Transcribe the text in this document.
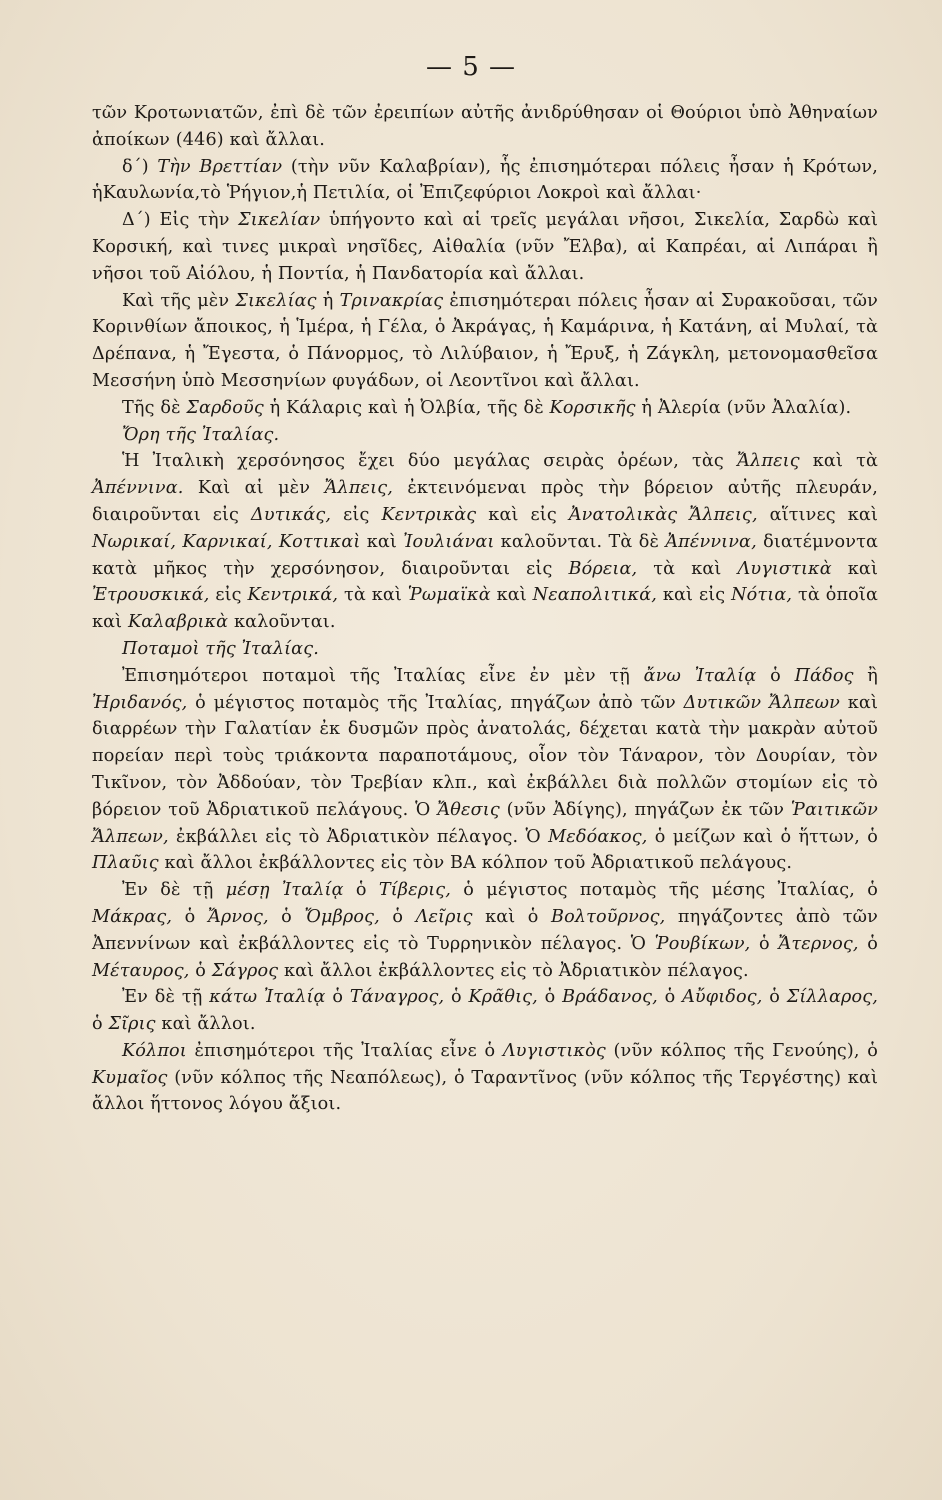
— 5 —

τῶν Κροτωνιατῶν, ἐπὶ δὲ τῶν ἐρειπίων αὐτῆς ἀνιδρύθησαν οἱ Θούριοι ὑπὸ Ἀθηναίων ἀποίκων (446) καὶ ἄλλαι.

δ΄) Τὴν Βρεττίαν (τὴν νῦν Καλαβρίαν), ἧς ἐπισημότεραι πόλεις ἦσαν ἡ Κρότων, ἡΚαυλωνία,τὸ Ῥήγιον,ἡ Πετιλία, οἱ Ἐπιζεφύριοι Λοκροὶ καὶ ἄλλαι·

Δ΄) Εἰς τὴν Σικελίαν ὑπήγοντο καὶ αἱ τρεῖς μεγάλαι νῆσοι, Σικελία, Σαρδὼ καὶ Κορσική, καὶ τινες μικραὶ νησῖδες, Αἰθαλία (νῦν Ἔλβα), αἱ Καπρέαι, αἱ Λιπάραι ἢ νῆσοι τοῦ Αἰόλου, ἡ Ποντία, ἡ Πανδατορία καὶ ἄλλαι.

Καὶ τῆς μὲν Σικελίας ἡ Τρινακρίας ἐπισημότεραι πόλεις ἦσαν αἱ Συρακοῦσαι, τῶν Κορινθίων ἄποικος, ἡ Ἱμέρα, ἡ Γέλα, ὁ Ἀκράγας, ἡ Καμάρινα, ἡ Κατάνη, αἱ Μυλαί, τὰ Δρέπανα, ἡ Ἔγεστα, ὁ Πάνορμος, τὸ Λιλύβαιον, ἡ Ἔρυξ, ἡ Ζάγκλη, μετονομασθεῖσα Μεσσήνη ὑπὸ Μεσσηνίων φυγάδων, οἱ Λεοντῖνοι καὶ ἄλλαι.

Τῆς δὲ Σαρδοῦς ἡ Κάλαρις καὶ ἡ Ὀλβία, τῆς δὲ Κορσικῆς ἡ Ἀλερία (νῦν Ἀλαλία).

Ὄρη τῆς Ἰταλίας.

Ἡ Ἰταλικὴ χερσόνησος ἔχει δύο μεγάλας σειρὰς ὀρέων, τὰς Ἄλπεις καὶ τὰ Ἀπέννινα. Καὶ αἱ μὲν Ἄλπεις, ἐκτεινόμεναι πρὸς τὴν βόρειον αὐτῆς πλευράν, διαιροῦνται εἰς Δυτικάς, εἰς Κεντρικὰς καὶ εἰς Ἀνατολικὰς Ἄλπεις, αἵτινες καὶ Νωρικαί, Καρνικαί, Κοττικαὶ καὶ Ἰουλιάναι καλοῦνται. Τὰ δὲ Ἀπέννινα, διατέμνοντα κατὰ μῆκος τὴν χερσόνησον, διαιροῦνται εἰς Βόρεια, τὰ καὶ Λυγιστικὰ καὶ Ἐτρουσκικά, εἰς Κεντρικά, τὰ καὶ Ῥωμαϊκὰ καὶ Νεαπολιτικά, καὶ εἰς Νότια, τὰ ὁποῖα καὶ Καλαβρικὰ καλοῦνται.

Ποταμοὶ τῆς Ἰταλίας.

Ἐπισημότεροι ποταμοὶ τῆς Ἰταλίας εἶνε ἐν μὲν τῇ ἄνω Ἰταλίᾳ ὁ Πάδος ἢ Ἠριδανός, ὁ μέγιστος ποταμὸς τῆς Ἰταλίας, πηγάζων ἀπὸ τῶν Δυτικῶν Ἄλπεων καὶ διαρρέων τὴν Γαλατίαν ἐκ δυσμῶν πρὸς ἀνατολάς, δέχεται κατὰ τὴν μακρὰν αὐτοῦ πορείαν περὶ τοὺς τριάκοντα παραποτάμους, οἷον τὸν Τάναρον, τὸν Δουρίαν, τὸν Τικῖνον, τὸν Ἀδδούαν, τὸν Τρεβίαν κλπ., καὶ ἐκβάλλει διὰ πολλῶν στομίων εἰς τὸ βόρειον τοῦ Ἀδριατικοῦ πελάγους. Ὁ Ἄθεσις (νῦν Ἀδίγης), πηγάζων ἐκ τῶν Ῥαιτικῶν Ἄλπεων, ἐκβάλλει εἰς τὸ Ἀδριατικὸν πέλαγος. Ὁ Μεδόακος, ὁ μείζων καὶ ὁ ἥττων, ὁ Πλαῦις καὶ ἄλλοι ἐκβάλλοντες εἰς τὸν ΒΑ κόλπον τοῦ Ἀδριατικοῦ πελάγους.

Ἐν δὲ τῇ μέσῃ Ἰταλίᾳ ὁ Τίβερις, ὁ μέγιστος ποταμὸς τῆς μέσης Ἰταλίας, ὁ Μάκρας, ὁ Ἄρνος, ὁ Ὄμβρος, ὁ Λεῖρις καὶ ὁ Βολτοῦρνος, πηγάζοντες ἀπὸ τῶν Ἀπεννίνων καὶ ἐκβάλλοντες εἰς τὸ Τυρρηνικὸν πέλαγος. Ὁ Ῥουβίκων, ὁ Ἄτερνος, ὁ Μέταυρος, ὁ Σάγρος καὶ ἄλλοι ἐκβάλλοντες εἰς τὸ Ἀδριατικὸν πέλαγος.

Ἐν δὲ τῇ κάτω Ἰταλίᾳ ὁ Τάναγρος, ὁ Κρᾶθις, ὁ Βράδανος, ὁ Αὔφιδος, ὁ Σίλλαρος, ὁ Σῖρις καὶ ἄλλοι.

Κόλποι ἐπισημότεροι τῆς Ἰταλίας εἶνε ὁ Λυγιστικὸς (νῦν κόλπος τῆς Γενούης), ὁ Κυμαῖος (νῦν κόλπος τῆς Νεαπόλεως), ὁ Ταραντῖνος (νῦν κόλπος τῆς Τεργέστης) καὶ ἄλλοι ἥττονος λόγου ἄξιοι.
